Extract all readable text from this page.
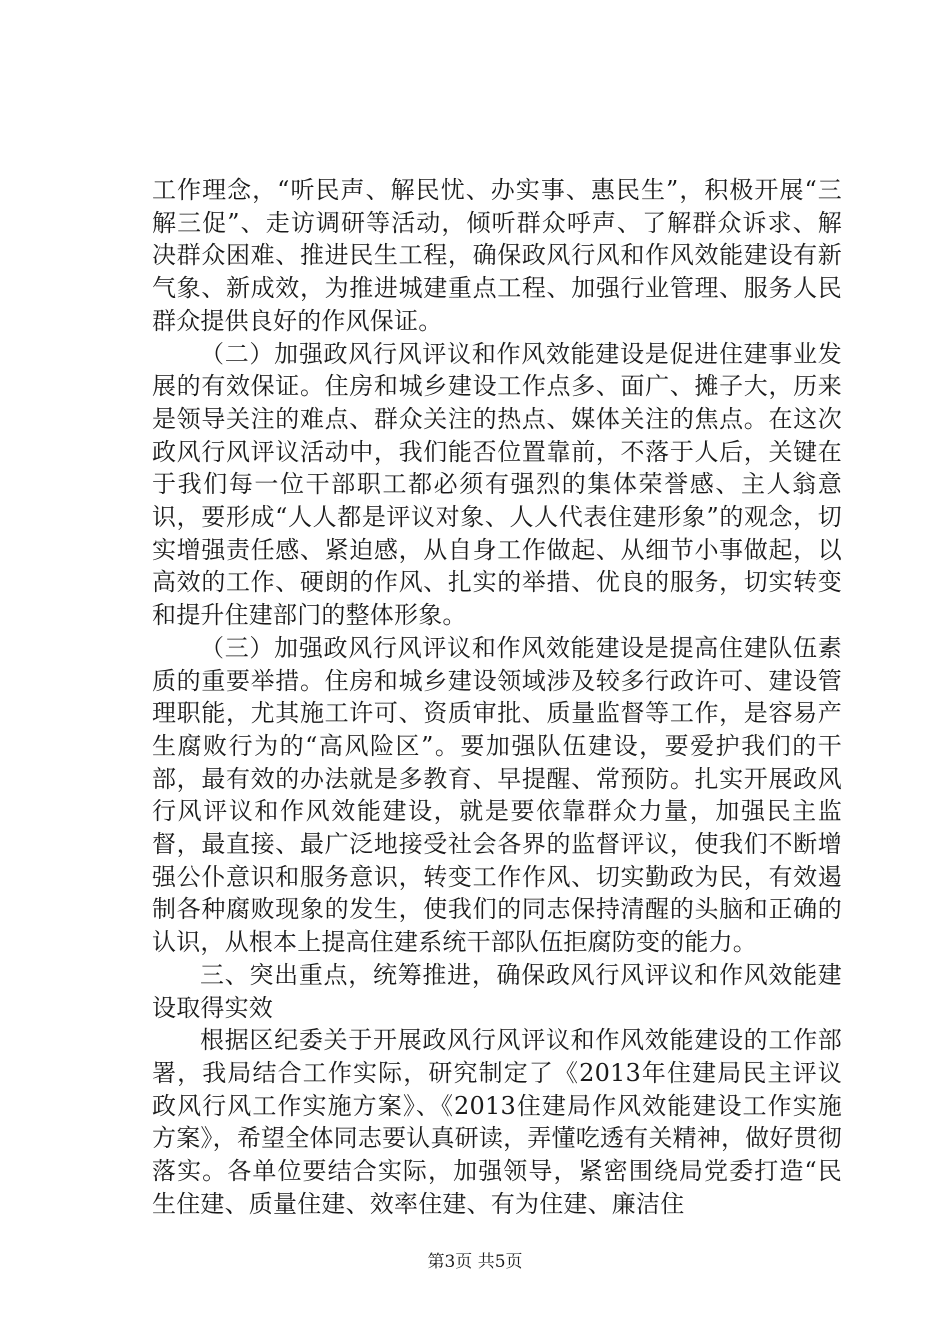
工作理念，“听民声、解民忧、办实事、惠民生”，积极开展“三解三促”、走访调研等活动，倾听群众呼声、了解群众诉求、解决群众困难、推进民生工程，确保政风行风和作风效能建设有新气象、新成效，为推进城建重点工程、加强行业管理、服务人民群众提供良好的作风保证。

（二）加强政风行风评议和作风效能建设是促进住建事业发展的有效保证。住房和城乡建设工作点多、面广、摊子大，历来是领导关注的难点、群众关注的热点、媒体关注的焦点。在这次政风行风评议活动中，我们能否位置靠前，不落于人后，关键在于我们每一位干部职工都必须有强烈的集体荣誉感、主人翁意识，要形成“人人都是评议对象、人人代表住建形象”的观念，切实增强责任感、紧迫感，从自身工作做起、从细节小事做起，以高效的工作、硬朗的作风、扎实的举措、优良的服务，切实转变和提升住建部门的整体形象。

（三）加强政风行风评议和作风效能建设是提高住建队伍素质的重要举措。住房和城乡建设领域涉及较多行政许可、建设管理职能，尤其施工许可、资质审批、质量监督等工作，是容易产生腐败行为的“高风险区”。要加强队伍建设，要爱护我们的干部，最有效的办法就是多教育、早提醒、常预防。扎实开展政风行风评议和作风效能建设，就是要依靠群众力量，加强民主监督，最直接、最广泛地接受社会各界的监督评议，使我们不断增强公仆意识和服务意识，转变工作作风、切实勤政为民，有效遏制各种腐败现象的发生，使我们的同志保持清醒的头脑和正确的认识，从根本上提高住建系统干部队伍拒腐防变的能力。

三、突出重点，统筹推进，确保政风行风评议和作风效能建设取得实效

根据区纪委关于开展政风行风评议和作风效能建设的工作部署，我局结合工作实际，研究制定了《2013年住建局民主评议政风行风工作实施方案》、《2013住建局作风效能建设工作实施方案》，希望全体同志要认真研读，弄懂吃透有关精神，做好贯彻落实。各单位要结合实际，加强领导，紧密围绕局党委打造“民生住建、质量住建、效率住建、有为住建、廉洁住

第3页 共5页
